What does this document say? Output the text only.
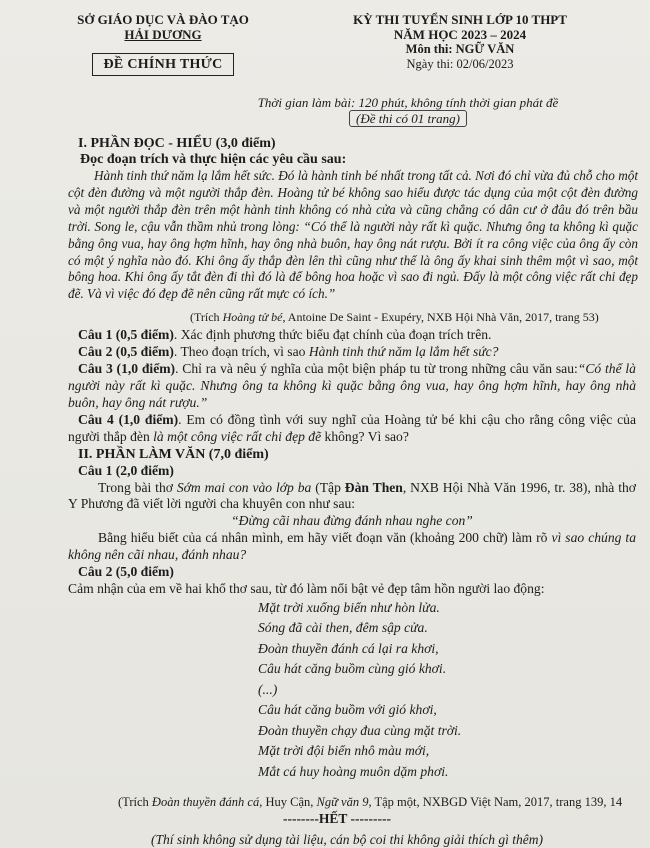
SỞ GIÁO DỤC VÀ ĐÀO TẠO
HẢI DƯƠNG
ĐỀ CHÍNH THỨC
KỲ THI TUYỂN SINH LỚP 10 THPT
NĂM HỌC 2023 – 2024
Môn thi: NGỮ VĂN
Ngày thi: 02/06/2023
Thời gian làm bài: 120 phút, không tính thời gian phát đề
(Đề thi có 01 trang)
I. PHẦN ĐỌC - HIỂU (3,0 điểm)
Đọc đoạn trích và thực hiện các yêu cầu sau:
Hành tinh thứ năm lạ lắm hết sức. Đó là hành tinh bé nhất trong tất cả. Nơi đó chỉ vừa đủ chỗ cho một cột đèn đường và một người thắp đèn. Hoàng tử bé không sao hiểu được tác dụng của một cột đèn đường và một người thắp đèn trên một hành tinh không có nhà cửa và cũng chẳng có dân cư ở đâu đó trên bầu trời. Song le, cậu vẫn thầm nhủ trong lòng: “Có thể là người này rất kì quặc. Nhưng ông ta không kì quặc bằng ông vua, hay ông hợm hĩnh, hay ông nhà buôn, hay ông nát rượu. Bởi ít ra công việc của ông ấy còn có một ý nghĩa nào đó. Khi ông ấy thắp đèn lên thì cũng như thể là ông ấy khai sinh thêm một vì sao, một bông hoa. Khi ông ấy tắt đèn đi thì đó là để bông hoa hoặc vì sao đi ngủ. Đấy là một công việc rất chi đẹp đẽ. Và vì việc đó đẹp đẽ nên cũng rất mực có ích.”
(Trích Hoàng tử bé, Antoine De Saint - Exupéry, NXB Hội Nhà Văn, 2017, trang 53)
Câu 1 (0,5 điểm). Xác định phương thức biểu đạt chính của đoạn trích trên.
Câu 2 (0,5 điểm). Theo đoạn trích, vì sao Hành tinh thứ năm lạ lắm hết sức?
Câu 3 (1,0 điểm). Chỉ ra và nêu ý nghĩa của một biện pháp tu từ trong những câu văn sau:“Có thể là người này rất kì quặc. Nhưng ông ta không kì quặc bằng ông vua, hay ông hợm hĩnh, hay ông nhà buôn, hay ông nát rượu.”
Câu 4 (1,0 điểm). Em có đồng tình với suy nghĩ của Hoàng tử bé khi cậu cho rằng công việc của người thắp đèn là một công việc rất chi đẹp đẽ không? Vì sao?
II. PHẦN LÀM VĂN (7,0 điểm)
Câu 1 (2,0 điểm)
Trong bài thơ Sớm mai con vào lớp ba (Tập Đàn Then, NXB Hội Nhà Văn 1996, tr. 38), nhà thơ Y Phương đã viết lời người cha khuyên con như sau:
“Đừng cãi nhau đừng đánh nhau nghe con”
Bằng hiểu biết của cá nhân mình, em hãy viết đoạn văn (khoảng 200 chữ) làm rõ vì sao chúng ta không nên cãi nhau, đánh nhau?
Câu 2 (5,0 điểm)
Cảm nhận của em về hai khổ thơ sau, từ đó làm nổi bật vẻ đẹp tâm hồn người lao động:
Mặt trời xuống biển như hòn lửa.
Sóng đã cài then, đêm sập cửa.
Đoàn thuyền đánh cá lại ra khơi,
Câu hát căng buồm cùng gió khơi.
(...)
Câu hát căng buồm với gió khơi,
Đoàn thuyền chạy đua cùng mặt trời.
Mặt trời đội biển nhô màu mới,
Mắt cá huy hoàng muôn dặm phơi.
(Trích Đoàn thuyền đánh cá, Huy Cận, Ngữ văn 9, Tập một, NXBGD Việt Nam, 2017, trang 139, 14
--------HẾT ---------
(Thí sinh không sử dụng tài liệu, cán bộ coi thi không giải thích gì thêm)
